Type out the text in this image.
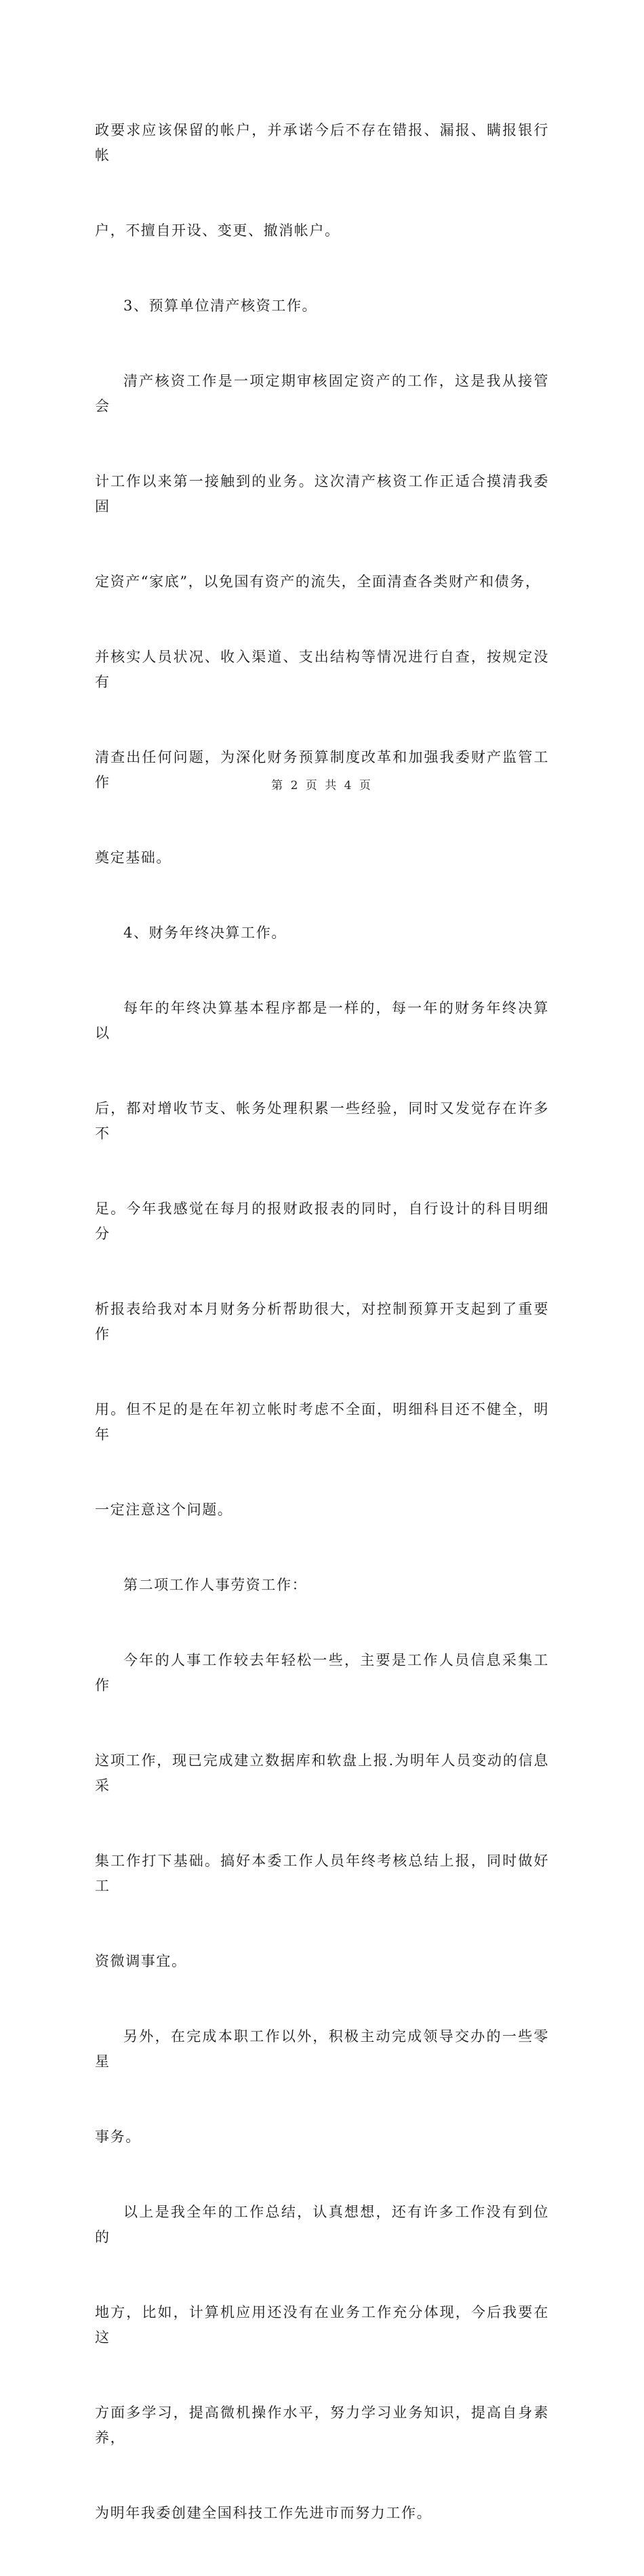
政要求应该保留的帐户，并承诺今后不存在错报、漏报、瞒报银行帐

户，不擅自开设、变更、撤消帐户。

3、预算单位清产核资工作。

清产核资工作是一项定期审核固定资产的工作，这是我从接管会

计工作以来第一接触到的业务。这次清产核资工作正适合摸清我委固

定资产“家底”，以免国有资产的流失，全面清查各类财产和债务，

并核实人员状况、收入渠道、支出结构等情况进行自查，按规定没有

清查出任何问题，为深化财务预算制度改革和加强我委财产监管工作

奠定基础。

4、财务年终决算工作。

每年的年终决算基本程序都是一样的，每一年的财务年终决算以

后，都对增收节支、帐务处理积累一些经验，同时又发觉存在许多不

足。今年我感觉在每月的报财政报表的同时，自行设计的科目明细分

析报表给我对本月财务分析帮助很大，对控制预算开支起到了重要作

用。但不足的是在年初立帐时考虑不全面，明细科目还不健全，明年

一定注意这个问题。

第二项工作人事劳资工作：

今年的人事工作较去年轻松一些，主要是工作人员信息采集工作

这项工作，现已完成建立数据库和软盘上报.为明年人员变动的信息采

集工作打下基础。搞好本委工作人员年终考核总结上报，同时做好工

资微调事宜。

另外，在完成本职工作以外，积极主动完成领导交办的一些零星

事务。

以上是我全年的工作总结，认真想想，还有许多工作没有到位的

地方，比如，计算机应用还没有在业务工作充分体现，今后我要在这

方面多学习，提高微机操作水平，努力学习业务知识，提高自身素养，

为明年我委创建全国科技工作先进市而努力工作。

第 2 页 共 4 页
